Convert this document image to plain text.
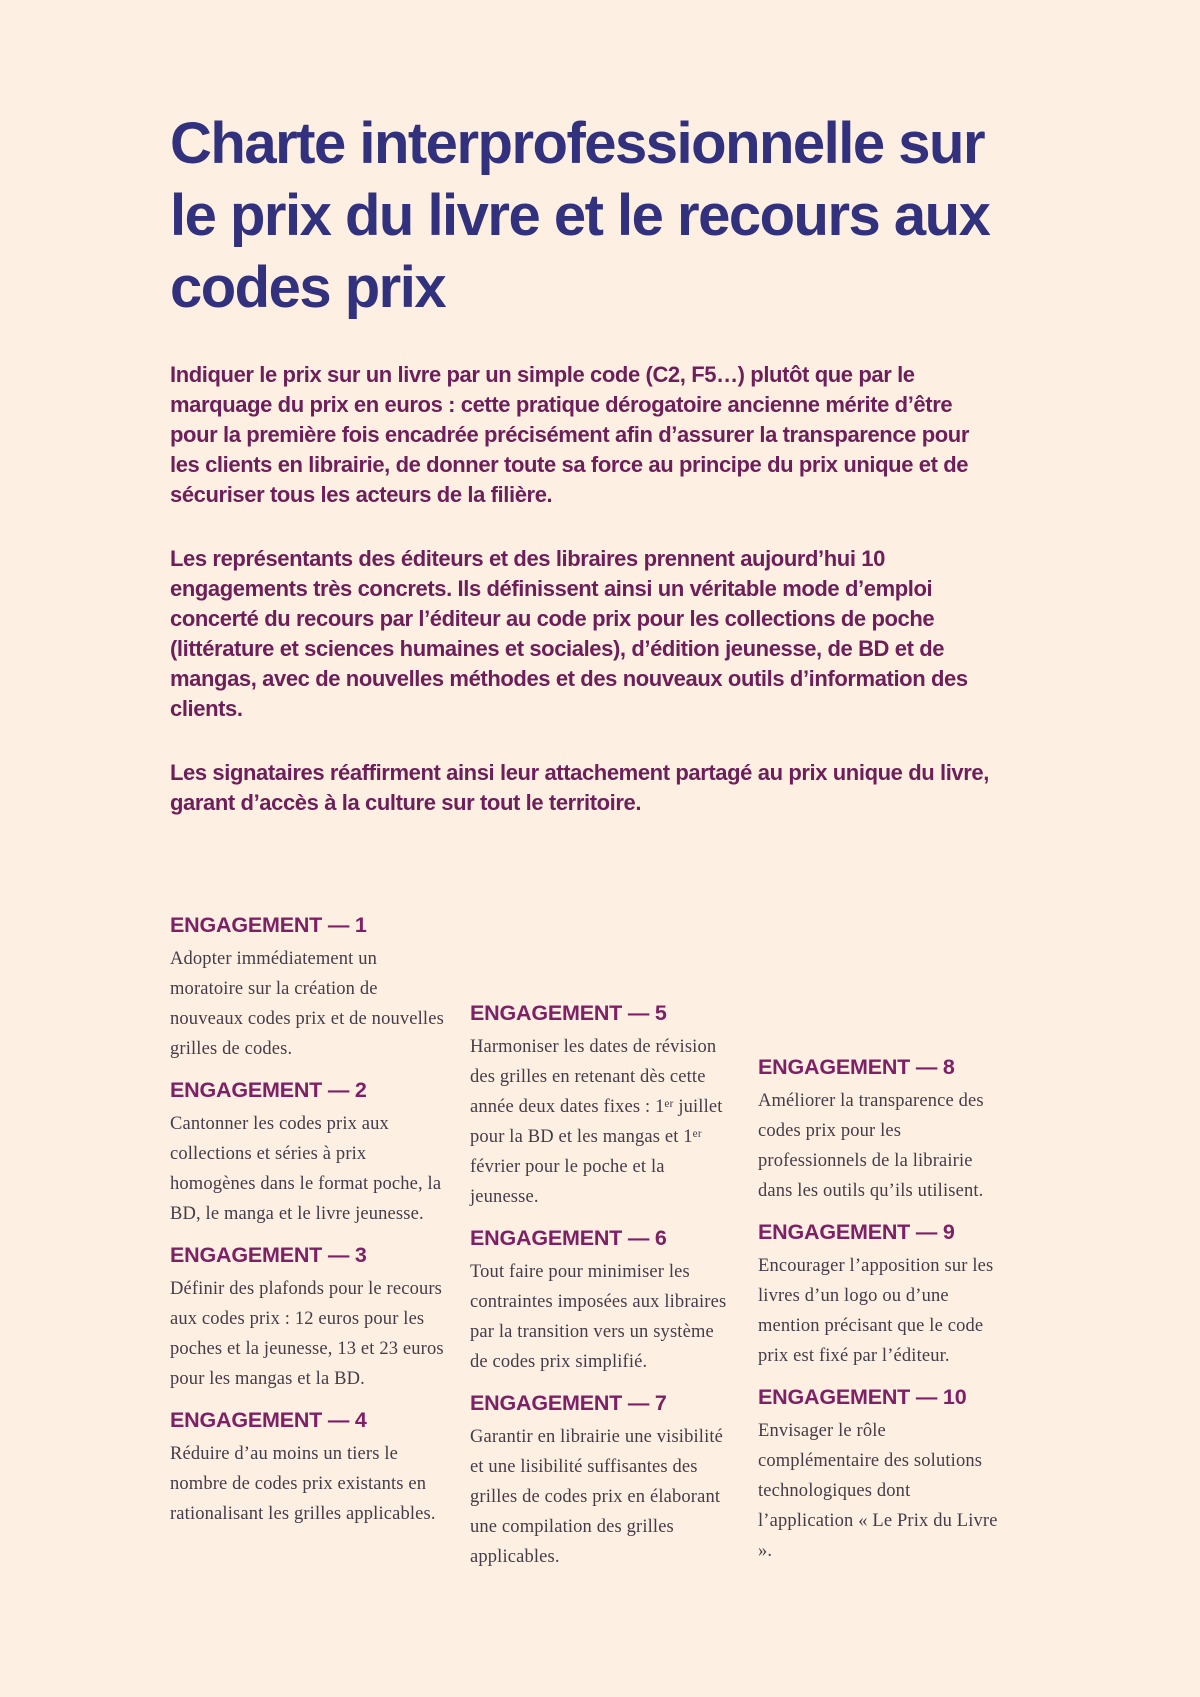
Charte interprofessionnelle sur le prix du livre et le recours aux codes prix

Indiquer le prix sur un livre par un simple code (C2, F5…) plutôt que par le marquage du prix en euros : cette pratique dérogatoire ancienne mérite d’être pour la première fois encadrée précisément afin d’assurer la transparence pour les clients en librairie, de donner toute sa force au principe du prix unique et de sécuriser tous les acteurs de la filière.

Les représentants des éditeurs et des libraires prennent aujourd’hui 10 engagements très concrets. Ils définissent ainsi un véritable mode d’emploi concerté du recours par l’éditeur au code prix pour les collections de poche (littérature et sciences humaines et sociales), d’édition jeunesse, de BD et de mangas, avec de nouvelles méthodes et des nouveaux outils d’information des clients.

Les signataires réaffirment ainsi leur attachement partagé au prix unique du livre, garant d’accès à la culture sur tout le territoire.

ENGAGEMENT — 1

Adopter immédiatement un moratoire sur la création de nouveaux codes prix et de nouvelles grilles de codes.

ENGAGEMENT — 2

Cantonner les codes prix aux collections et séries à prix homogènes dans le format poche, la BD, le manga et le livre jeunesse.

ENGAGEMENT — 3

Définir des plafonds pour le recours aux codes prix : 12 euros pour les poches et la jeunesse, 13 et 23 euros pour les mangas et la BD.

ENGAGEMENT — 4

Réduire d’au moins un tiers le nombre de codes prix existants en rationalisant les grilles applicables.

ENGAGEMENT — 5

Harmoniser les dates de révision des grilles en retenant dès cette année deux dates fixes : 1ᵉʳ juillet pour la BD et les mangas et 1ᵉʳ février pour le poche et la jeunesse.

ENGAGEMENT — 6

Tout faire pour minimiser les contraintes imposées aux libraires par la transition vers un système de codes prix simplifié.

ENGAGEMENT — 7

Garantir en librairie une visibilité et une lisibilité suffisantes des grilles de codes prix en élaborant une compilation des grilles applicables.

ENGAGEMENT — 8

Améliorer la transparence des codes prix pour les professionnels de la librairie dans les outils qu’ils utilisent.

ENGAGEMENT — 9

Encourager l’apposition sur les livres d’un logo ou d’une mention précisant que le code prix est fixé par l’éditeur.

ENGAGEMENT — 10

Envisager le rôle complémentaire des solutions technologiques dont l’application « Le Prix du Livre ».
